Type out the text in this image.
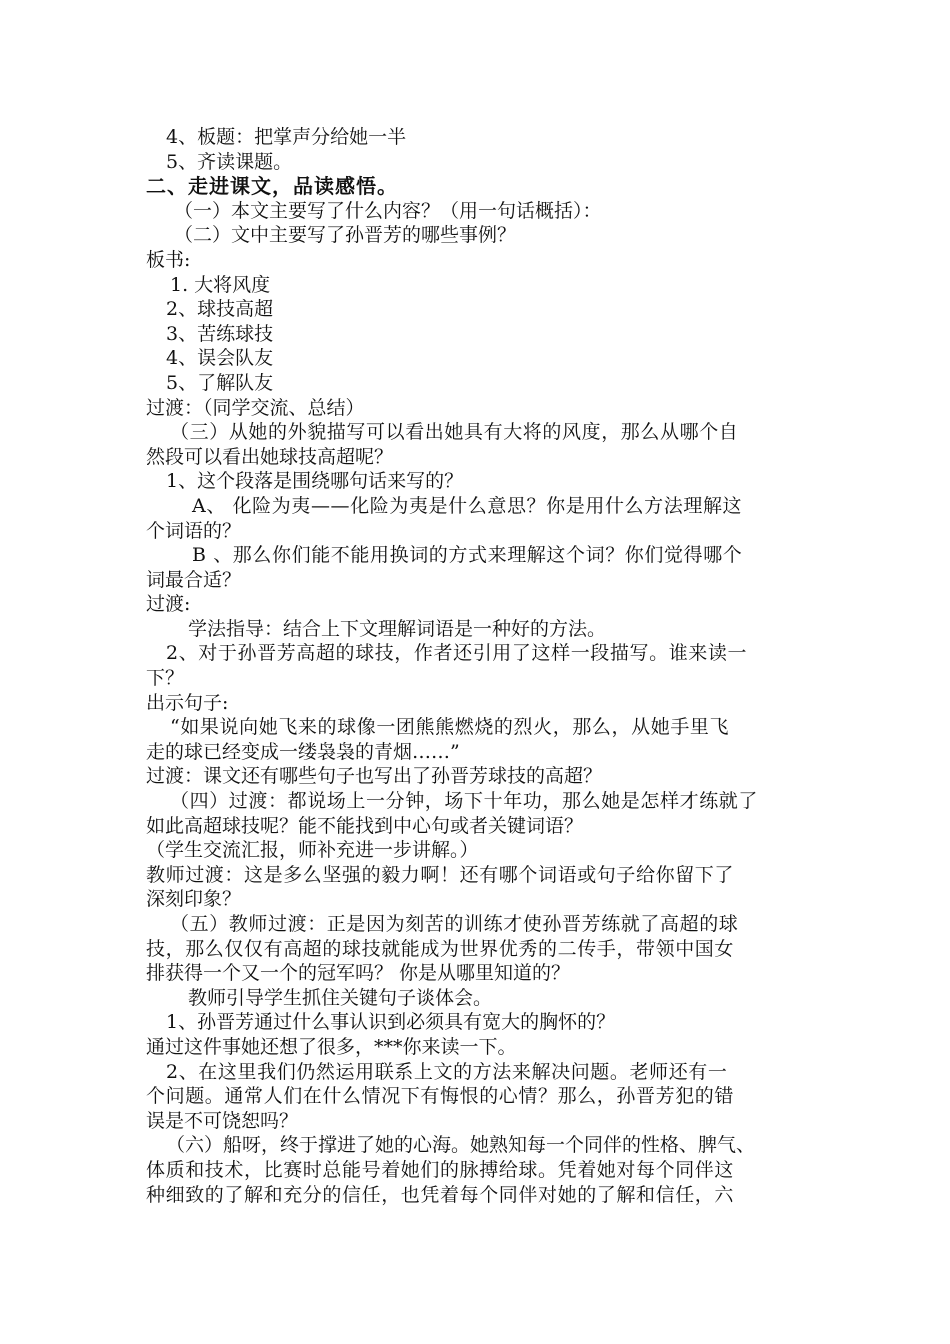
4、板题：把掌声分给她一半
5、齐读课题。
二、走进课文，品读感悟。
（一）本文主要写了什么内容？（用一句话概括）：
（二）文中主要写了孙晋芳的哪些事例？
板书:
1. 大将风度
2、球技高超
3、苦练球技
4、误会队友
5、了解队友
过渡：（同学交流、总结）
（三）从她的外貌描写可以看出她具有大将的风度，那么从哪个自
然段可以看出她球技高超呢？
1、这个段落是围绕哪句话来写的？
A、 化险为夷——化险为夷是什么意思？你是用什么方法理解这
个词语的？
B 、那么你们能不能用换词的方式来理解这个词？你们觉得哪个
词最合适？
过渡:
学法指导：结合上下文理解词语是一种好的方法。
2、对于孙晋芳高超的球技，作者还引用了这样一段描写。谁来读一
下？
出示句子:
“如果说向她飞来的球像一团熊熊燃烧的烈火，那么，从她手里飞
走的球已经变成一缕袅袅的青烟……”
过渡：课文还有哪些句子也写出了孙晋芳球技的高超？
（四）过渡：都说场上一分钟，场下十年功，那么她是怎样才练就了
如此高超球技呢？能不能找到中心句或者关键词语？
（学生交流汇报，师补充进一步讲解。）
教师过渡：这是多么坚强的毅力啊！还有哪个词语或句子给你留下了
深刻印象？
（五）教师过渡：正是因为刻苦的训练才使孙晋芳练就了高超的球
技，那么仅仅有高超的球技就能成为世界优秀的二传手，带领中国女
排获得一个又一个的冠军吗？ 你是从哪里知道的？
教师引导学生抓住关键句子谈体会。
1、孙晋芳通过什么事认识到必须具有宽大的胸怀的？
通过这件事她还想了很多，***你来读一下。
2、在这里我们仍然运用联系上文的方法来解决问题。老师还有一
个问题。通常人们在什么情况下有悔恨的心情？那么，孙晋芳犯的错
误是不可饶恕吗？
（六）船呀，终于撑进了她的心海。她熟知每一个同伴的性格、脾气、
体质和技术，比赛时总能号着她们的脉搏给球。凭着她对每个同伴这
种细致的了解和充分的信任，也凭着每个同伴对她的了解和信任，六
